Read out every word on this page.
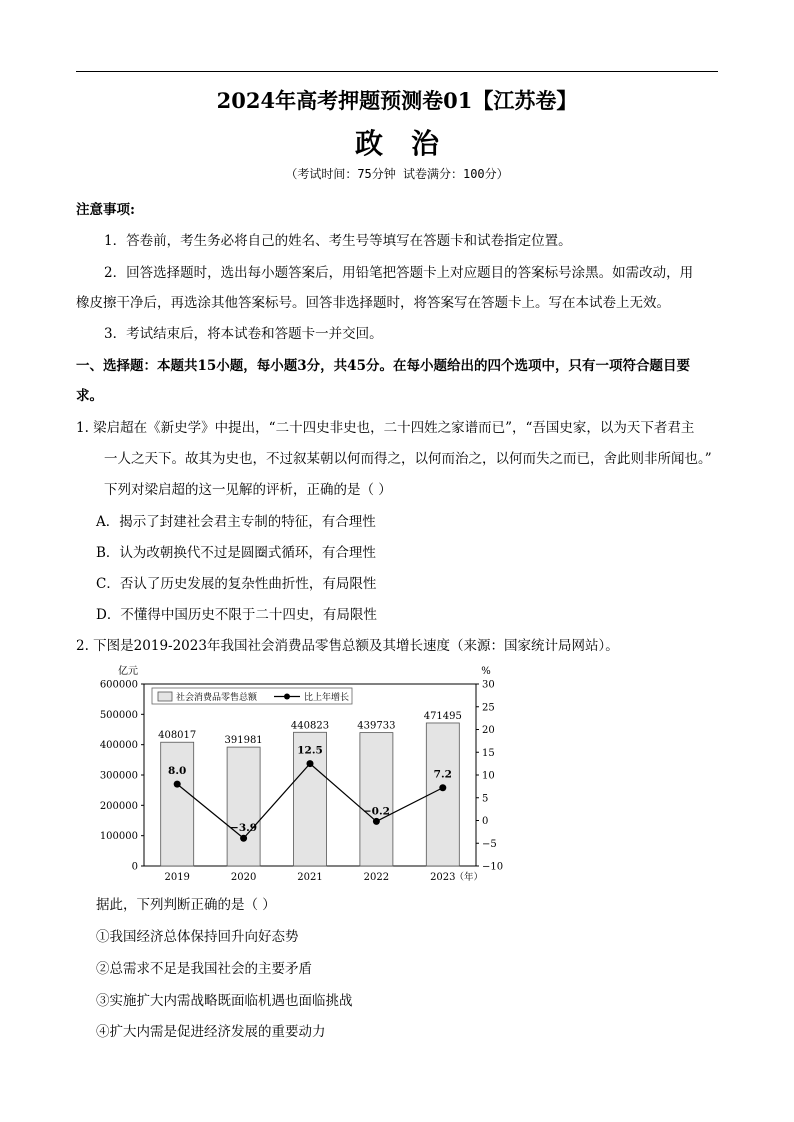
2024年高考押题预测卷01【江苏卷】
政治
（考试时间：75分钟 试卷满分：100分）
注意事项:
1．答卷前，考生务必将自己的姓名、考生号等填写在答题卡和试卷指定位置。
2．回答选择题时，选出每小题答案后，用铅笔把答题卡上对应题目的答案标号涂黑。如需改动，用
橡皮擦干净后，再选涂其他答案标号。回答非选择题时，将答案写在答题卡上。写在本试卷上无效。
3．考试结束后，将本试卷和答题卡一并交回。
一、选择题：本题共15小题，每小题3分，共45分。在每小题给出的四个选项中，只有一项符合题目要
求。
1. 梁启超在《新史学》中提出，“二十四史非史也，二十四姓之家谱而已”，“吾国史家，以为天下者君主
一人之天下。故其为史也，不过叙某朝以何而得之，以何而治之，以何而失之而已，舍此则非所闻也。”
下列对梁启超的这一见解的评析，正确的是（ ）
A．揭示了封建社会君主专制的特征，有合理性
B．认为改朝换代不过是圆圈式循环，有合理性
C．否认了历史发展的复杂性曲折性，有局限性
D．不懂得中国历史不限于二十四史，有局限性
2. 下图是2019-2023年我国社会消费品零售总额及其增长速度（来源：国家统计局网站）。
亿元	%
0
100000
200000
300000
400000
500000
600000
−10
−5
0
5
10
15
20
25
30
408017	391981
440823	439733
471495
8.0
−3.9
12.5
−0.2
7.2
2019	2020	2021	2022	2023 （年）
社会消费品零售总额	比上年增长
据此，下列判断正确的是（ ）
①我国经济总体保持回升向好态势
②总需求不足是我国社会的主要矛盾
③实施扩大内需战略既面临机遇也面临挑战
④扩大内需是促进经济发展的重要动力
